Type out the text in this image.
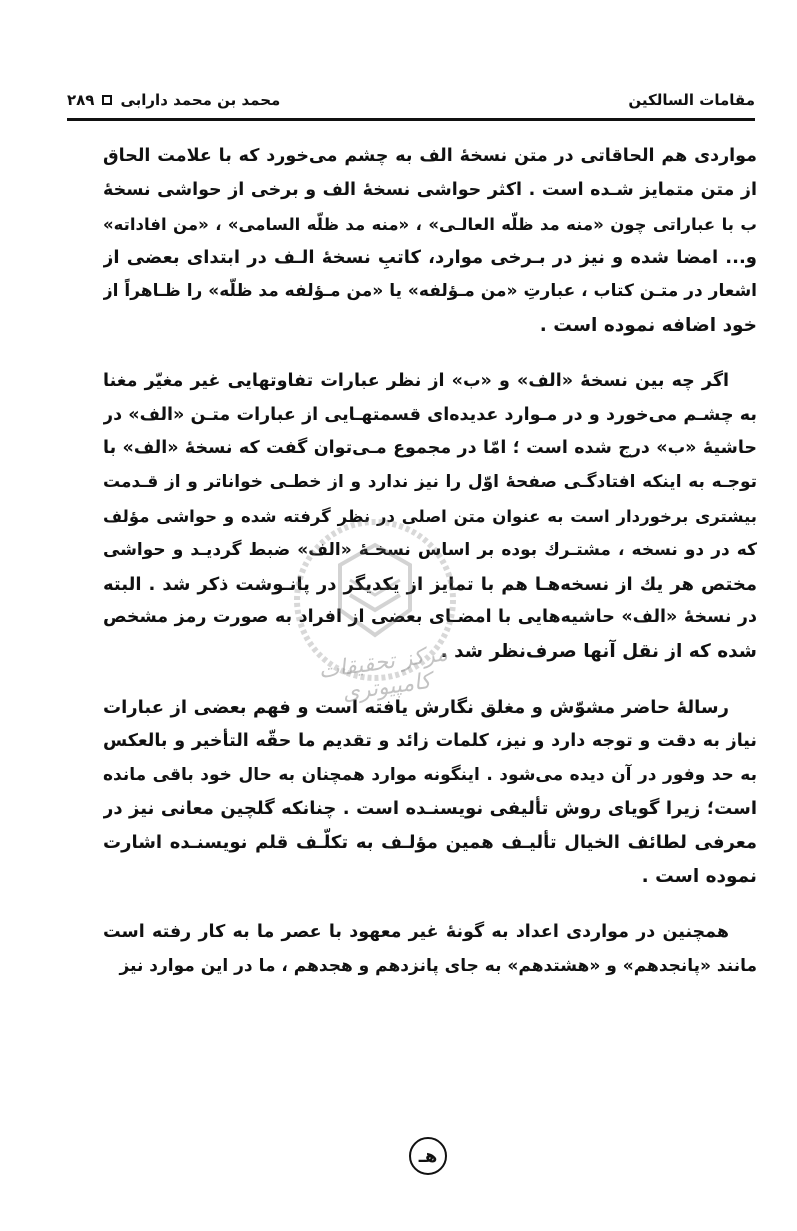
مقامات السالکین
محمد بن محمد دارابی
۲۸۹
مواردی هم الحاقاتی در متن نسخهٔ الف به چشم می‌خورد که با علامت الحاق
از متن متمایز شـده است . اکثر حواشی نسخهٔ الف و برخی از حواشی نسخهٔ
ب با عباراتی چون «منه مد ظلّه العالـی» ، «منه مد ظلّه السامی» ، «من افاداته»
و... امضا شده و نیز در بـرخی موارد، کاتبِ نسخهٔ الـف در ابتدای بعضی از
اشعار در متـن کتاب ، عبارتِ «من مـؤلفه» یا «من مـؤلفه مد ظلّه» را ظـاهراً از
خود اضافه نموده است .
اگر چه بین نسخهٔ «الف» و «ب» از نظر عبارات تفاوتهایی غیر مغیّر مغنا
به چشـم می‌خورد و در مـوارد عدیده‌ای قسمتهـایی از عبارات متـن «الف» در
حاشیهٔ «ب» درج شده است ؛ امّا در مجموع مـی‌توان گفت که نسخهٔ «الف» با
توجـه به اینکه افتادگـی صفحهٔ اوّل را نیز ندارد و از خطـی خواناتر و از قـدمت
بیشتری برخوردار است به عنوان متن اصلی در نظر گرفته شده و حواشی مؤلف
که در دو نسخه ، مشتـرك بوده بر اساس نسخـهٔ «الف» ضبط گردیـد و حواشی
مختص هر یك از نسخه‌هـا هم با تمایز از یکدیگر در پانـوشت ذکر شد . البته
در نسخهٔ «الف» حاشیه‌هایی با امضـای بعضی از افراد به صورت رمز مشخص
شده که از نقل آنها صرف‌نظر شد .
رسالهٔ حاضر مشوّش و مغلق نگارش یافته است و فهم بعضی از عبارات
نیاز به دقت و توجه دارد و نیز، کلمات زائد و تقدیم ما حقّه التأخیر و بالعکس
به حد وفور در آن دیده می‌شود . اینگونه موارد همچنان به حال خود باقی مانده
است؛ زیرا گویای روش تألیفی نویسنـده است . چنانکه گلچین معانی نیز در
معرفی لطائف الخیال تألیـف همین مؤلـف به تکلّـف قلم نویسنـده اشارت
نموده است .
همچنین در مواردی اعداد به گونهٔ غیر معهود با عصر ما به کار رفته است
مانند «پانجدهم» و «هشتدهم» به جای پانزدهم و هجدهم ، ما در این موارد نیز
مرکز تحقیقات کامپیوتری
هـ
